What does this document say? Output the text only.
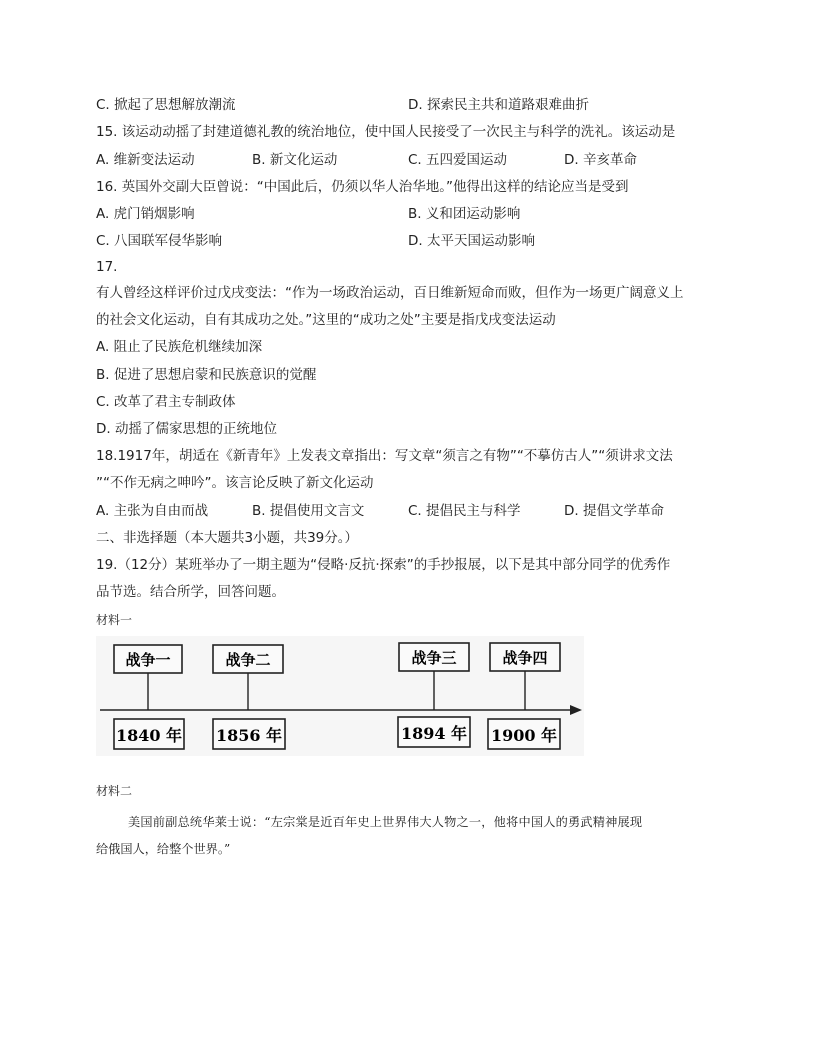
C. 掀起了思想解放潮流	D. 探索民主共和道路艰难曲折
15. 该运动动摇了封建道德礼教的统治地位，使中国人民接受了一次民主与科学的洗礼。该运动是
A. 维新变法运动	B. 新文化运动	C. 五四爱国运动	D. 辛亥革命
16. 英国外交副大臣曾说：“中国此后，仍须以华人治华地。”他得出这样的结论应当是受到
A. 虎门销烟影响	B. 义和团运动影响
C. 八国联军侵华影响	D. 太平天国运动影响
17.
有人曾经这样评价过戊戌变法：“作为一场政治运动，百日维新短命而败，但作为一场更广阔意义上
的社会文化运动，自有其成功之处。”这里的“成功之处”主要是指戊戌变法运动
A. 阻止了民族危机继续加深
B. 促进了思想启蒙和民族意识的觉醒
C. 改革了君主专制政体
D. 动摇了儒家思想的正统地位
18.1917年，胡适在《新青年》上发表文章指出：写文章“须言之有物”“不摹仿古人”“须讲求文法
”“不作无病之呻吟”。该言论反映了新文化运动
A. 主张为自由而战	B. 提倡使用文言文	C. 提倡民主与科学	D. 提倡文学革命
二、非选择题（本大题共3小题，共39分。）
19.（12分）某班举办了一期主题为“侵略·反抗·探索”的手抄报展，以下是其中部分同学的优秀作
品节选。结合所学，回答问题。
材料一
战争一
1840 年
战争二
1856 年
战争三
1894 年
战争四
1900 年
材料二
美国前副总统华莱士说：“左宗棠是近百年史上世界伟大人物之一，他将中国人的勇武精神展现
给俄国人，给整个世界。”
